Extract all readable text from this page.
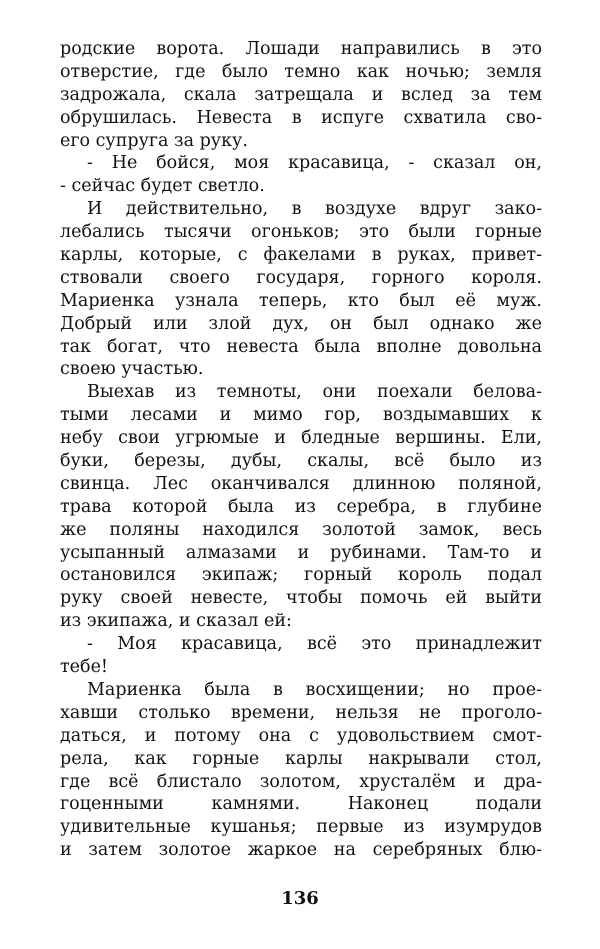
родские ворота. Лошади направились в это
отверстие, где было темно как ночью; земля
задрожала, скала затрещала и вслед за тем
обрушилась. Невеста в испуге схватила сво-
его супруга за руку.
- Не бойся, моя красавица, - сказал он,
- сейчас будет светло.
И действительно, в воздухе вдруг зако-
лебались тысячи огоньков; это были горные
карлы, которые, с факелами в руках, привет-
ствовали своего государя, горного короля.
Мариенка узнала теперь, кто был её муж.
Добрый или злой дух, он был однако же
так богат, что невеста была вполне довольна
своею участью.
Выехав из темноты, они поехали белова-
тыми лесами и мимо гор, воздымавших к
небу свои угрюмые и бледные вершины. Ели,
буки, березы, дубы, скалы, всё было из
свинца. Лес оканчивался длинною поляной,
трава которой была из серебра, в глубине
же поляны находился золотой замок, весь
усыпанный алмазами и рубинами. Там-то и
остановился экипаж; горный король подал
руку своей невесте, чтобы помочь ей выйти
из экипажа, и сказал ей:
- Моя красавица, всё это принадлежит
тебе!
Мариенка была в восхищении; но прое-
хавши столько времени, нельзя не проголо-
даться, и потому она с удовольствием смот-
рела, как горные карлы накрывали стол,
где всё блистало золотом, хрусталём и дра-
гоценными камнями. Наконец подали
удивительные кушанья; первые из изумрудов
и затем золотое жаркое на серебряных блю-
136
